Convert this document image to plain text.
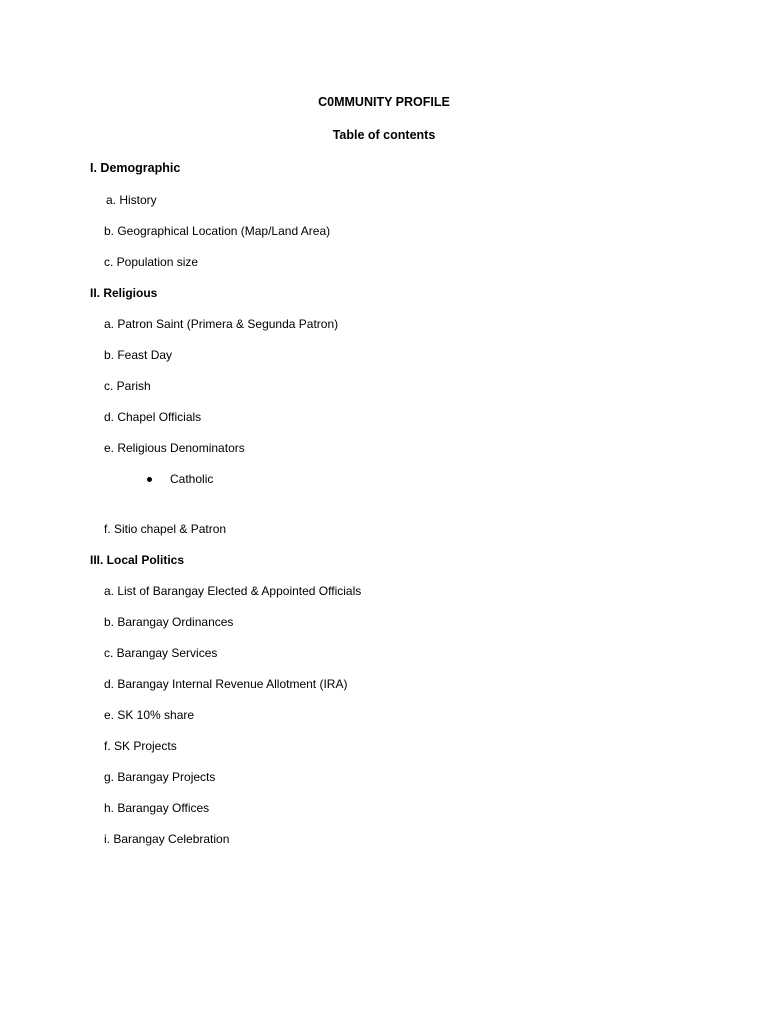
C0MMUNITY PROFILE
Table of contents
I. Demographic
a. History
b. Geographical Location (Map/Land Area)
c. Population size
II. Religious
a. Patron Saint (Primera & Segunda Patron)
b. Feast Day
c. Parish
d. Chapel Officials
e. Religious Denominators
Catholic
f. Sitio chapel & Patron
III. Local Politics
a. List of Barangay Elected & Appointed Officials
b. Barangay Ordinances
c. Barangay Services
d. Barangay Internal Revenue Allotment (IRA)
e. SK 10% share
f. SK Projects
g. Barangay Projects
h. Barangay Offices
i. Barangay Celebration
